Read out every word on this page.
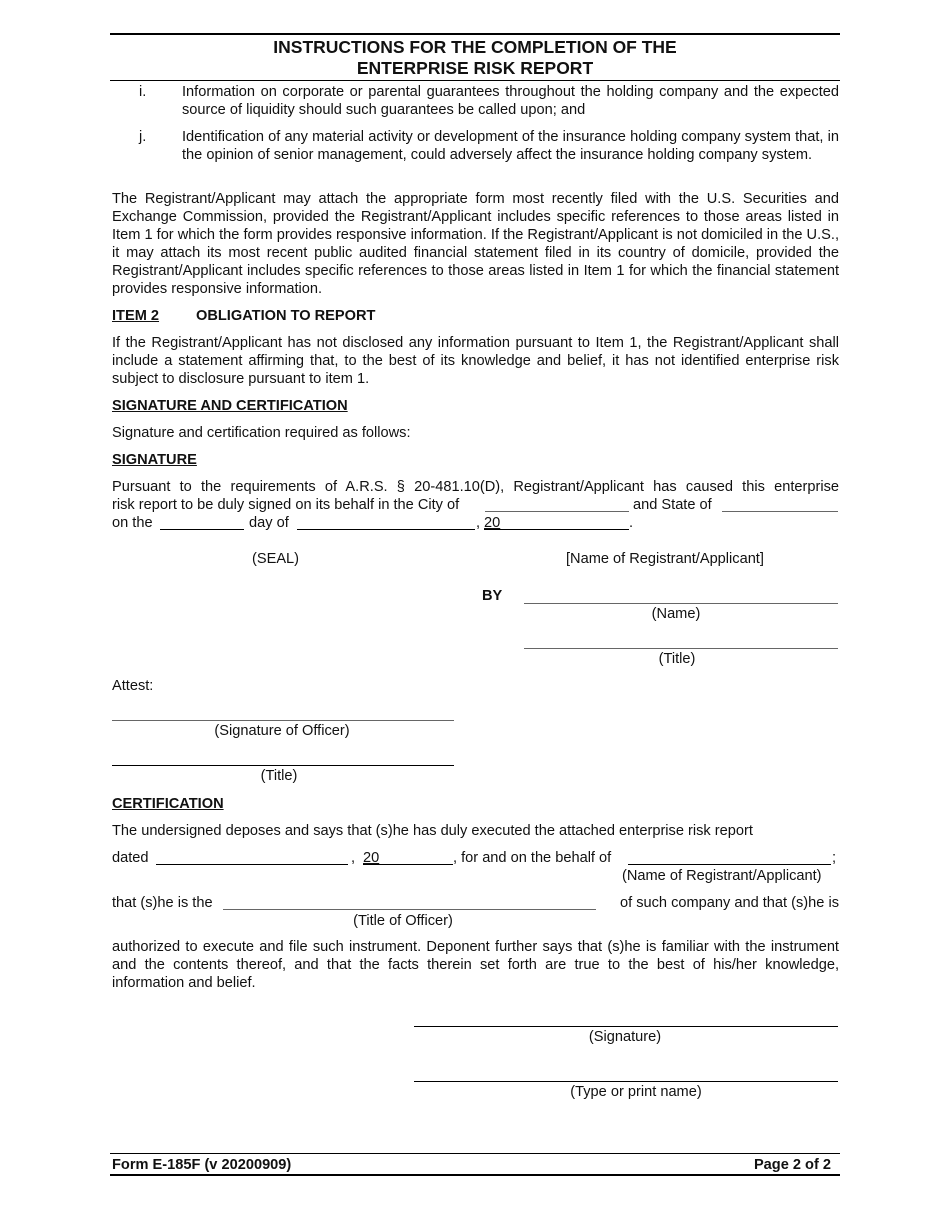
INSTRUCTIONS FOR THE COMPLETION OF THE
ENTERPRISE RISK REPORT
i. Information on corporate or parental guarantees throughout the holding company and the expected source of liquidity should such guarantees be called upon; and
j. Identification of any material activity or development of the insurance holding company system that, in the opinion of senior management, could adversely affect the insurance holding company system.
The Registrant/Applicant may attach the appropriate form most recently filed with the U.S. Securities and Exchange Commission, provided the Registrant/Applicant includes specific references to those areas listed in Item 1 for which the form provides responsive information. If the Registrant/Applicant is not domiciled in the U.S., it may attach its most recent public audited financial statement filed in its country of domicile, provided the Registrant/Applicant includes specific references to those areas listed in Item 1 for which the financial statement provides responsive information.
ITEM 2	OBLIGATION TO REPORT
If the Registrant/Applicant has not disclosed any information pursuant to Item 1, the Registrant/Applicant shall include a statement affirming that, to the best of its knowledge and belief, it has not identified enterprise risk subject to disclosure pursuant to item 1.
SIGNATURE AND CERTIFICATION
Signature and certification required as follows:
SIGNATURE
Pursuant to the requirements of A.R.S. § 20-481.10(D), Registrant/Applicant has caused this enterprise
risk report to be duly signed on its behalf in the City of	and State of
on the	day of	, 20	.
(SEAL)	[Name of Registrant/Applicant]
BY
(Name)
(Title)
Attest:
(Signature of Officer)
(Title)
CERTIFICATION
The undersigned deposes and says that (s)he has duly executed the attached enterprise risk report
dated	, 20	, for and on the behalf of	;
(Name of Registrant/Applicant)
that (s)he is the	of such company and that (s)he is
(Title of Officer)
authorized to execute and file such instrument. Deponent further says that (s)he is familiar with the instrument and the contents thereof, and that the facts therein set forth are true to the best of his/her knowledge, information and belief.
(Signature)
(Type or print name)
Form E-185F (v 20200909)	Page 2 of 2
